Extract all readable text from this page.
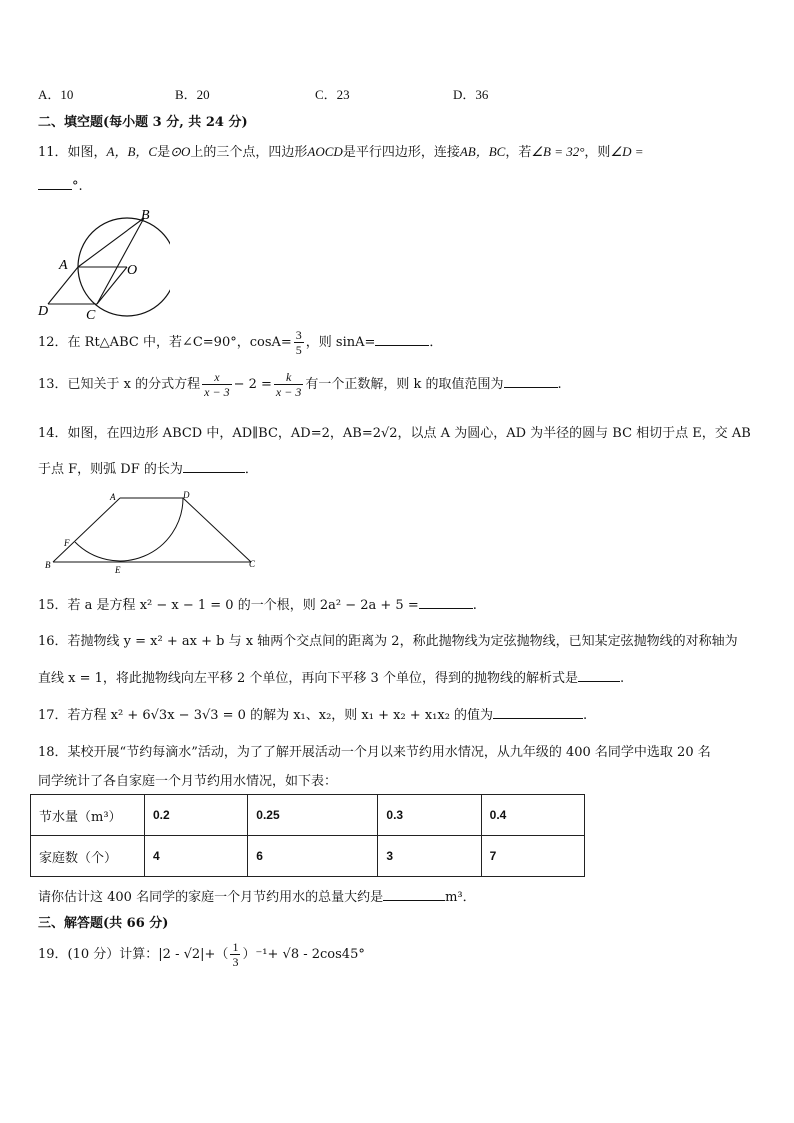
A．10	B．20	C．23	D．36
二、填空题(每小题 3 分, 共 24 分)
11．如图，A，B，C是⊙O上的三个点，四边形AOCD是平行四边形，连接AB，BC，若∠B = 32°，则∠D =
°.
B
A	O
D	C
12．在 Rt△ABC 中，若∠C=90°，$\cos A= \frac{3}{5}$ ，则 sinA=	．
13．已知关于 x 的分式方程 $\frac{x}{x - 3} - 2 = \frac{k}{x - 3}$ 有一个正数解，则 k 的取值范围为	.
14．如图，在四边形 ABCD 中，AD∥BC，AD=2，AB=2√2，以点 A 为圆心，AD 为半径的圆与 BC 相切于点 E，交 AB
于点 F，则弧 DF 的长为	．
A	D
F
B	E
C
15．若 a 是方程 x² − x − 1 = 0 的一个根，则 2a² − 2a + 5 =	.
16．若抛物线 y = x² + ax + b 与 x 轴两个交点间的距离为 2，称此抛物线为定弦抛物线，已知某定弦抛物线的对称轴为
直线 x = 1，将此抛物线向左平移 2 个单位，再向下平移 3 个单位，得到的抛物线的解析式是	.
17．若方程 x² + 6√3x − 3√3 = 0 的解为 x₁、x₂，则 x₁ + x₂ + x₁x₂ 的值为	.
18．某校开展“节约每滴水”活动，为了了解开展活动一个月以来节约用水情况，从九年级的 400 名同学中选取 20 名
同学统计了各自家庭一个月节约用水情况，如下表：
节水量（m³）	0.2	0.25	0.3	0.4
家庭数（个）	4	6	3	7
请你估计这 400 名同学的家庭一个月节约用水的总量大约是	m³．
三、解答题(共 66 分)
19．(10 分）计算：$|2 - √2|+( \frac{1}{3} )^{-1}+ √8 - 2\cos 45^\circ$
